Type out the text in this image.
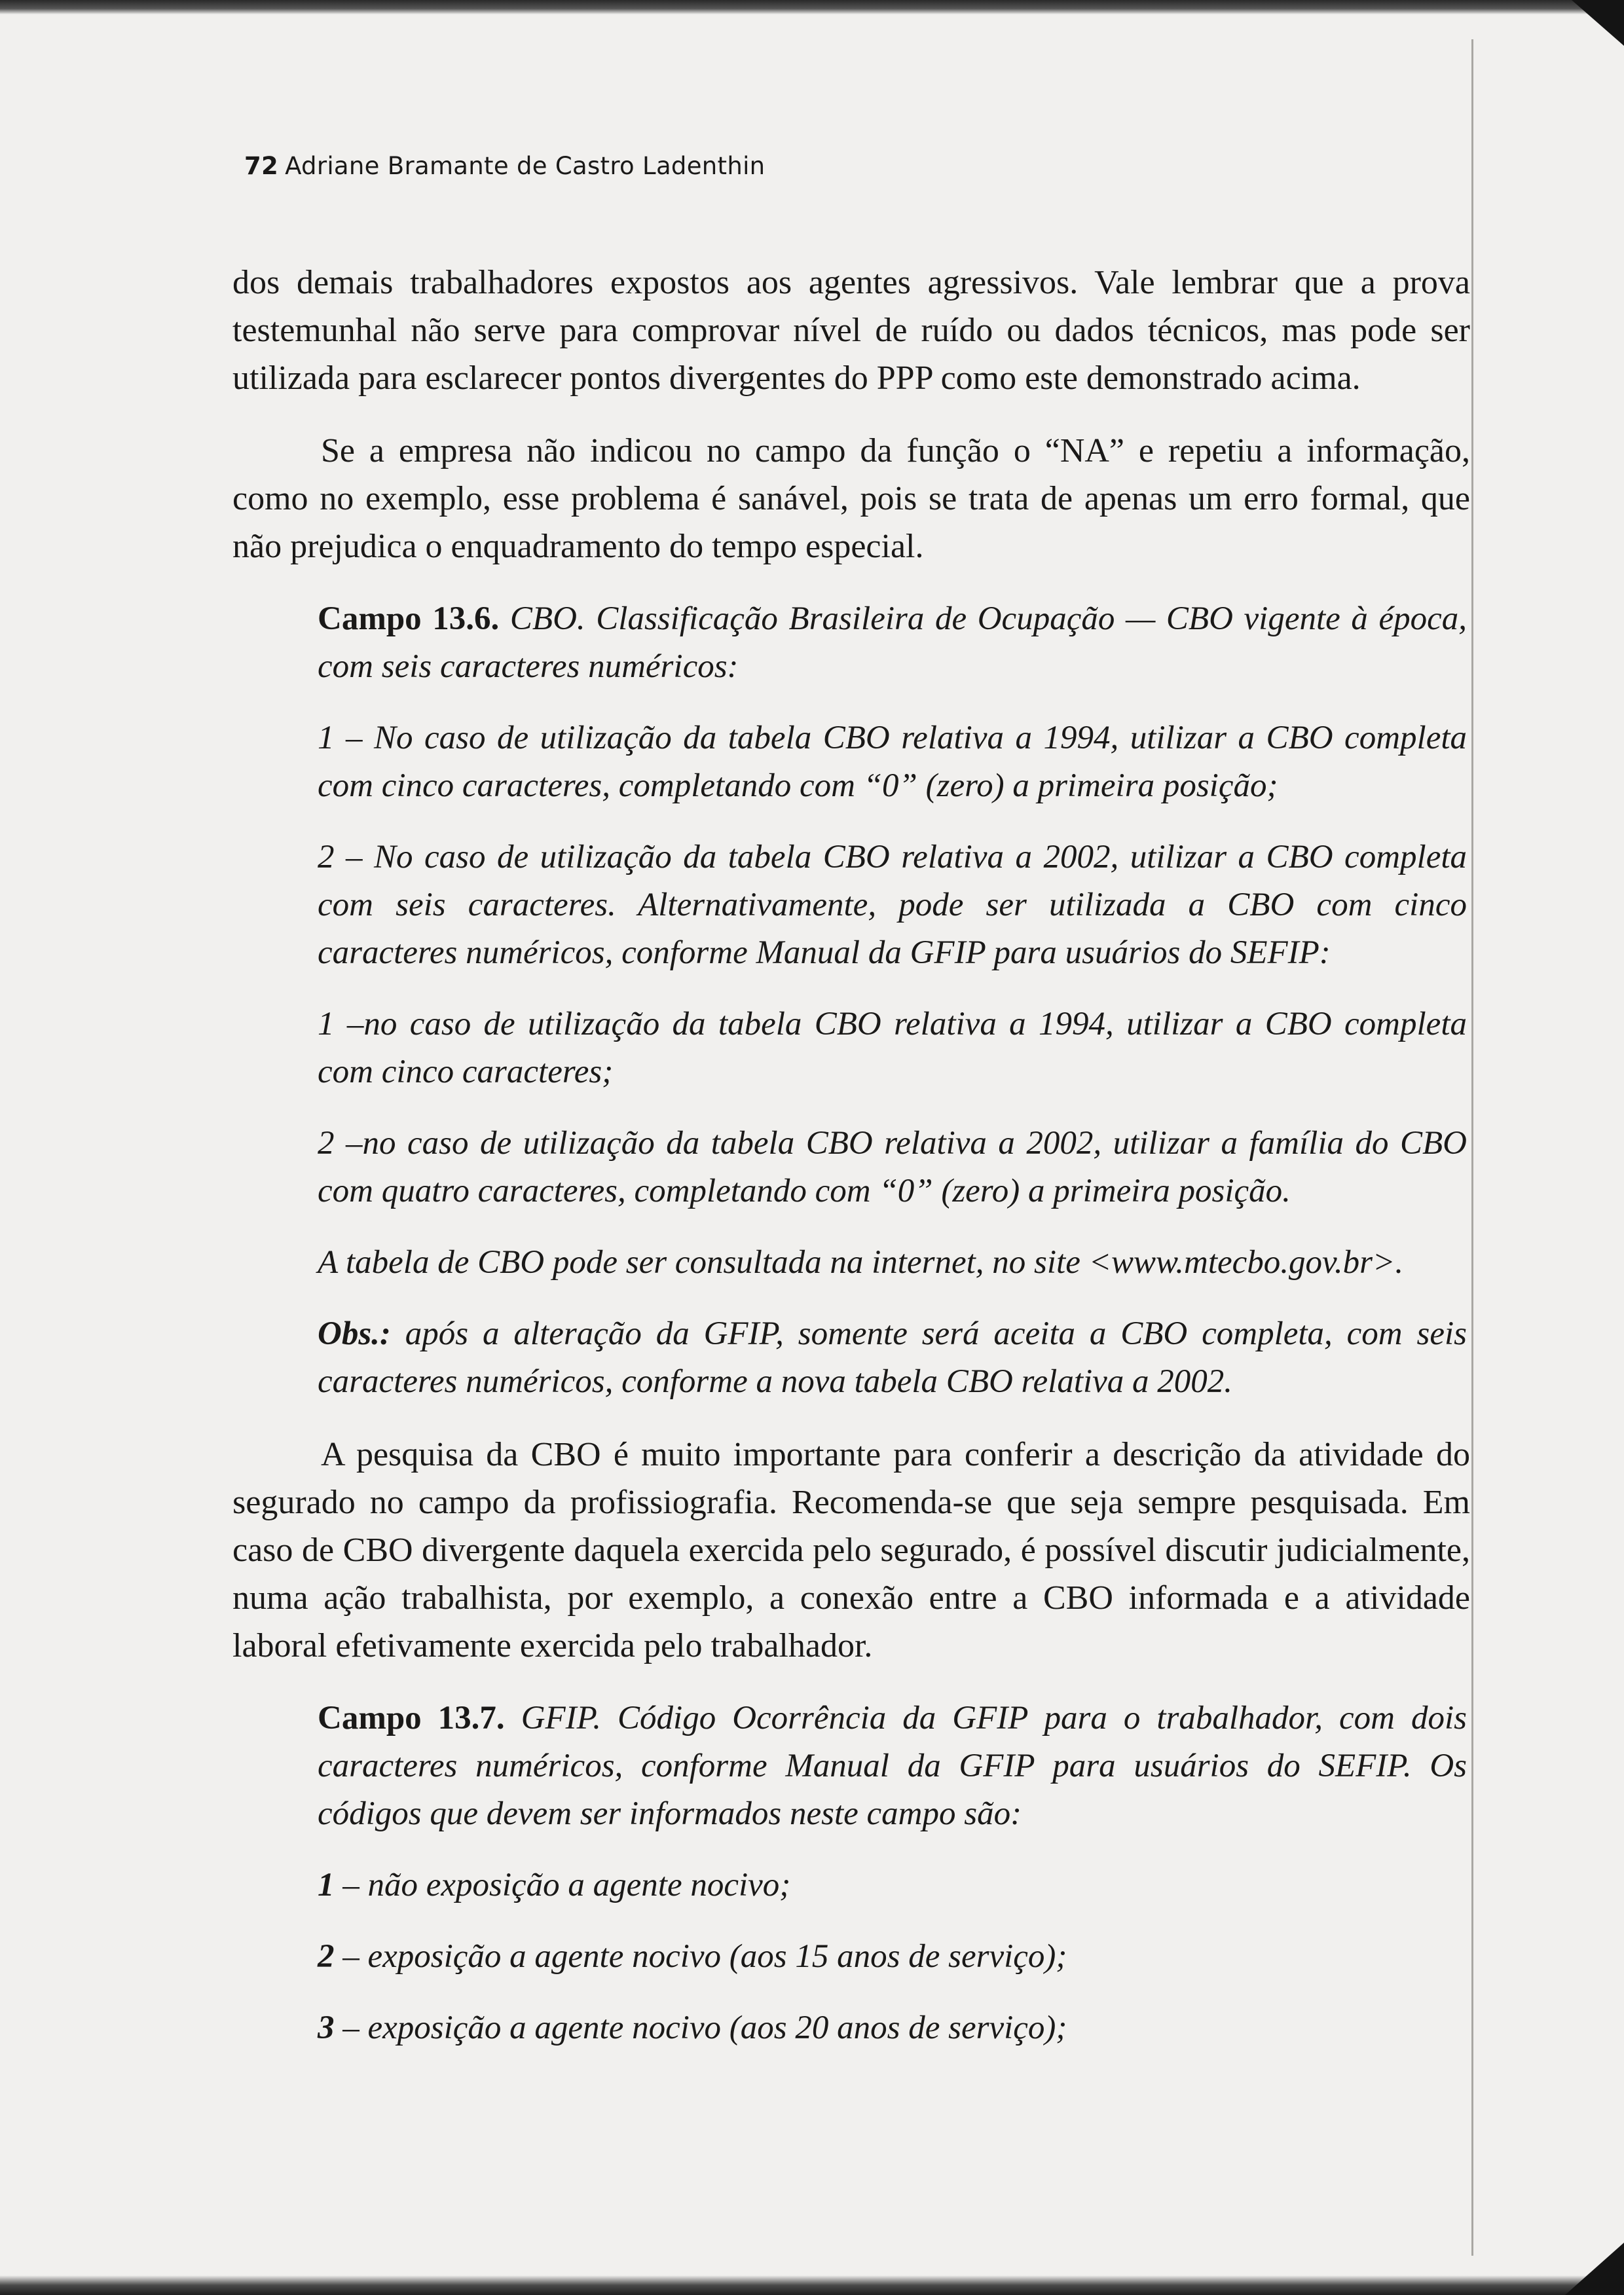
72 Adriane Bramante de Castro Ladenthin

dos demais trabalhadores expostos aos agentes agressivos. Vale lembrar que a prova testemunhal não serve para comprovar nível de ruído ou dados técnicos, mas pode ser utilizada para esclarecer pontos divergentes do PPP como este demonstrado acima.

Se a empresa não indicou no campo da função o “NA” e repetiu a informação, como no exemplo, esse problema é sanável, pois se trata de apenas um erro formal, que não prejudica o enquadramento do tempo especial.

Campo 13.6. CBO. Classificação Brasileira de Ocupação — CBO vigente à época, com seis caracteres numéricos:

1 – No caso de utilização da tabela CBO relativa a 1994, utilizar a CBO completa com cinco caracteres, completando com “0” (zero) a primeira posição;

2 – No caso de utilização da tabela CBO relativa a 2002, utilizar a CBO completa com seis caracteres. Alternativamente, pode ser utilizada a CBO com cinco caracteres numéricos, conforme Manual da GFIP para usuários do SEFIP:

1 –no caso de utilização da tabela CBO relativa a 1994, utilizar a CBO completa com cinco caracteres;

2 –no caso de utilização da tabela CBO relativa a 2002, utilizar a família do CBO com quatro caracteres, completando com “0” (zero) a primeira posição.

A tabela de CBO pode ser consultada na internet, no site <www.mtecbo.gov.br>.

Obs.: após a alteração da GFIP, somente será aceita a CBO completa, com seis caracteres numéricos, conforme a nova tabela CBO relativa a 2002.

A pesquisa da CBO é muito importante para conferir a descrição da atividade do segurado no campo da profissiografia. Recomenda-se que seja sempre pesquisada. Em caso de CBO divergente daquela exercida pelo segurado, é possível discutir judicialmente, numa ação trabalhista, por exemplo, a conexão entre a CBO informada e a atividade laboral efetivamente exercida pelo trabalhador.

Campo 13.7. GFIP. Código Ocorrência da GFIP para o trabalhador, com dois caracteres numéricos, conforme Manual da GFIP para usuários do SEFIP. Os códigos que devem ser informados neste campo são:

1 – não exposição a agente nocivo;

2 – exposição a agente nocivo (aos 15 anos de serviço);

3 – exposição a agente nocivo (aos 20 anos de serviço);
